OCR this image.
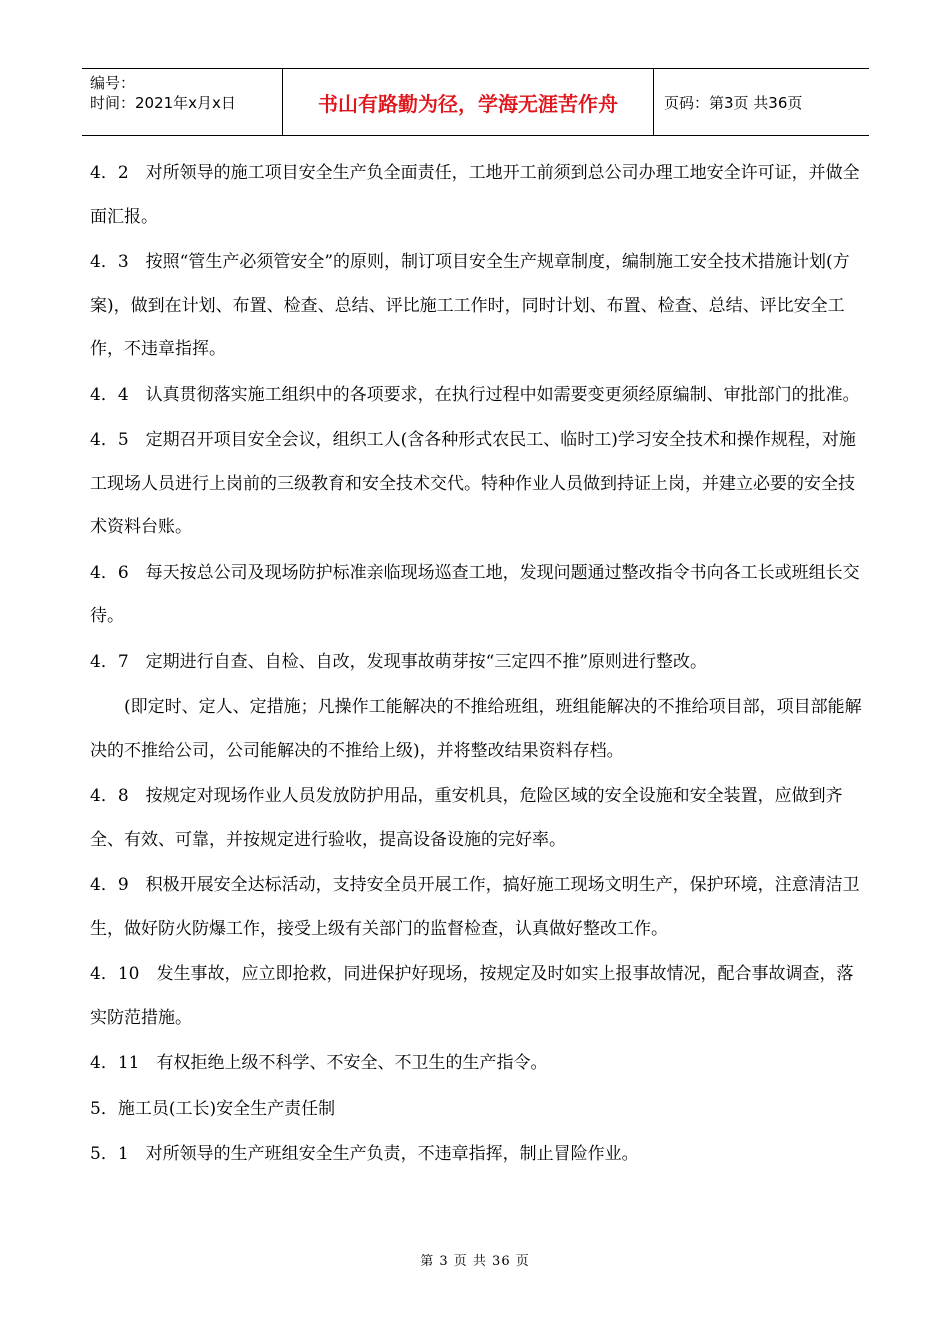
编号：
时间：2021年x月x日	书山有路勤为径，学海无涯苦作舟	页码：第3页 共36页

4．2　对所领导的施工项目安全生产负全面责任，工地开工前须到总公司办理工地安全许可证，并做全面汇报。

4．3　按照“管生产必须管安全”的原则，制订项目安全生产规章制度，编制施工安全技术措施计划(方案)，做到在计划、布置、检查、总结、评比施工工作时，同时计划、布置、检查、总结、评比安全工作，不违章指挥。

4．4　认真贯彻落实施工组织中的各项要求，在执行过程中如需要变更须经原编制、审批部门的批准。

4．5　定期召开项目安全会议，组织工人(含各种形式农民工、临时工)学习安全技术和操作规程，对施工现场人员进行上岗前的三级教育和安全技术交代。特种作业人员做到持证上岗，并建立必要的安全技术资料台账。

4．6　每天按总公司及现场防护标准亲临现场巡查工地，发现问题通过整改指令书向各工长或班组长交待。

4．7　定期进行自查、自检、自改，发现事故萌芽按“三定四不推”原则进行整改。

(即定时、定人、定措施；凡操作工能解决的不推给班组，班组能解决的不推给项目部，项目部能解决的不推给公司，公司能解决的不推给上级)，并将整改结果资料存档。

4．8　按规定对现场作业人员发放防护用品，重安机具，危险区域的安全设施和安全装置，应做到齐全、有效、可靠，并按规定进行验收，提高设备设施的完好率。

4．9　积极开展安全达标活动，支持安全员开展工作，搞好施工现场文明生产，保护环境，注意清洁卫生，做好防火防爆工作，接受上级有关部门的监督检查，认真做好整改工作。

4．10　发生事故，应立即抢救，同进保护好现场，按规定及时如实上报事故情况，配合事故调查，落实防范措施。

4．11　有权拒绝上级不科学、不安全、不卫生的生产指令。

5．施工员(工长)安全生产责任制

5．1　对所领导的生产班组安全生产负责，不违章指挥，制止冒险作业。

第 3 页 共 36 页
